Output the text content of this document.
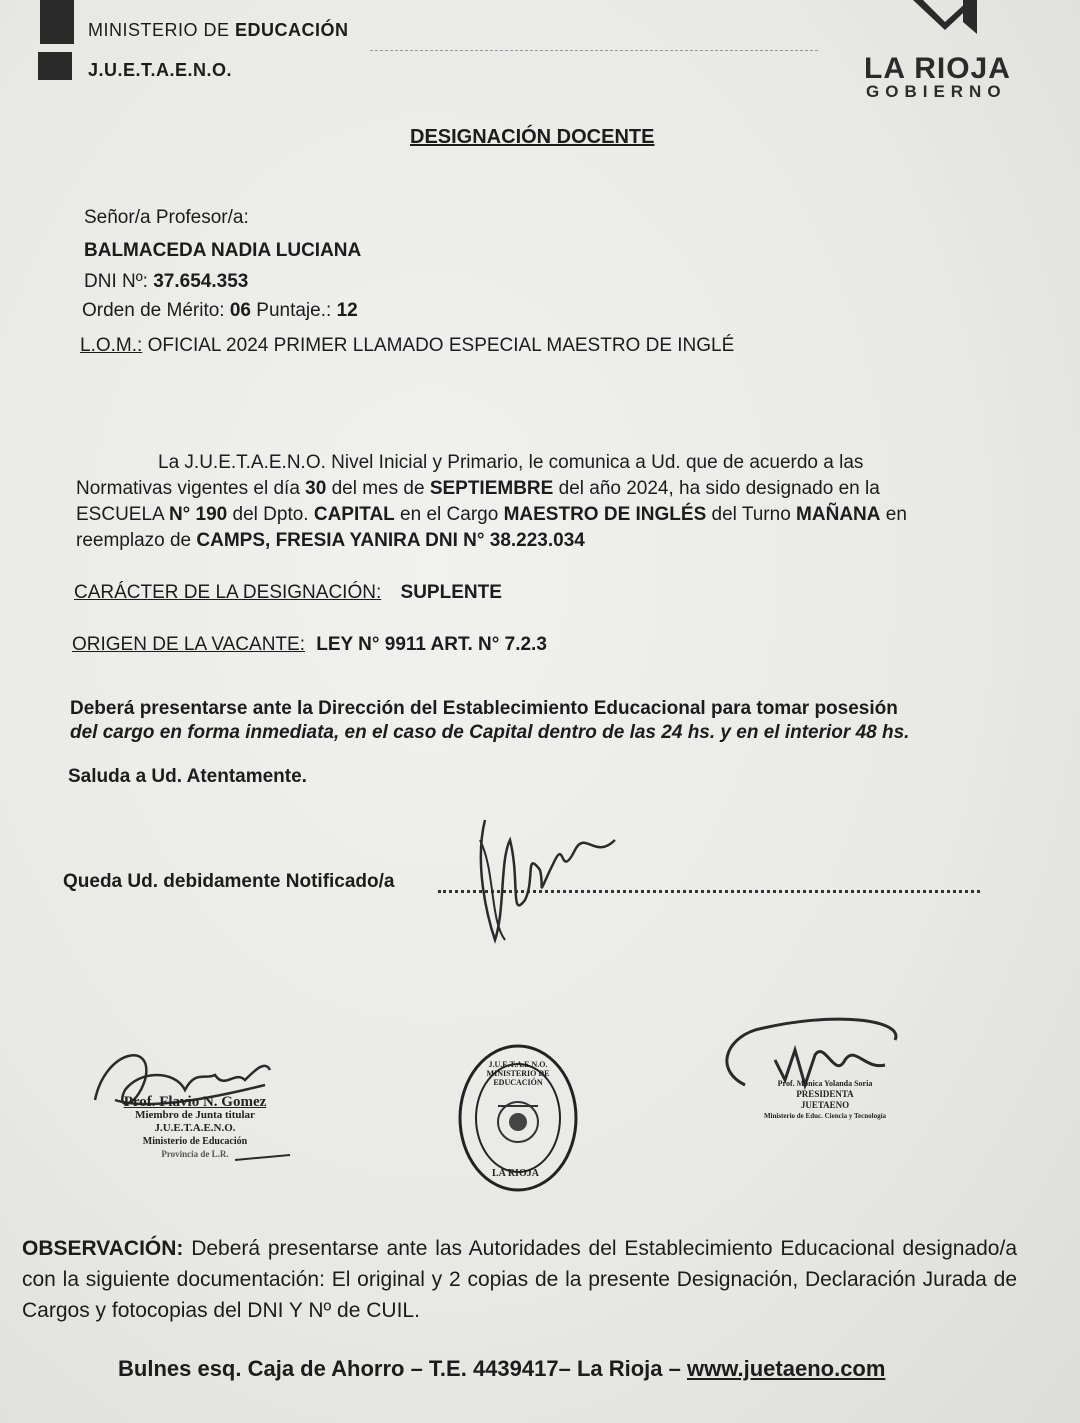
MINISTERIO DE EDUCACIÓN
J.U.E.T.A.E.N.O.	LA RIOJA
GOBIERNO
DESIGNACIÓN DOCENTE
Señor/a Profesor/a:
BALMACEDA NADIA LUCIANA
DNI Nº: 37.654.353
Orden de Mérito: 06 Puntaje.: 12
L.O.M.: OFICIAL 2024 PRIMER LLAMADO ESPECIAL MAESTRO DE INGLÉ
La J.U.E.T.A.E.N.O. Nivel Inicial y Primario, le comunica a Ud. que de acuerdo a las
Normativas vigentes el día 30 del mes de SEPTIEMBRE del año 2024, ha sido designado en la
ESCUELA N° 190 del Dpto. CAPITAL en el Cargo MAESTRO DE INGLÉS del Turno MAÑANA en
reemplazo de CAMPS, FRESIA YANIRA DNI N° 38.223.034
CARÁCTER DE LA DESIGNACIÓN: SUPLENTE
ORIGEN DE LA VACANTE: LEY N° 9911 ART. N° 7.2.3
Deberá presentarse ante la Dirección del Establecimiento Educacional para tomar posesión
del cargo en forma inmediata, en el caso de Capital dentro de las 24 hs. y en el interior 48 hs.
Saluda a Ud. Atentamente.
Queda Ud. debidamente Notificado/a
Prof. Flavio N. Gomez
Miembro de Junta titular
J.U.E.T.A.E.N.O.
Ministerio de Educación
Provincia de L.R.
J.U.E.T.A.E.N.O. MINISTERIO DE EDUCACIÓN
LA RIOJA
Prof. Mónica Yolanda Soria
PRESIDENTA
JUETAENO
Ministerio de Educ. Ciencia y Tecnología
OBSERVACIÓN: Deberá presentarse ante las Autoridades del Establecimiento Educacional designado/a con la siguiente documentación: El original y 2 copias de la presente Designación, Declaración Jurada de Cargos y fotocopias del DNI Y Nº de CUIL.
Bulnes esq. Caja de Ahorro – T.E. 4439417– La Rioja – www.juetaeno.com
